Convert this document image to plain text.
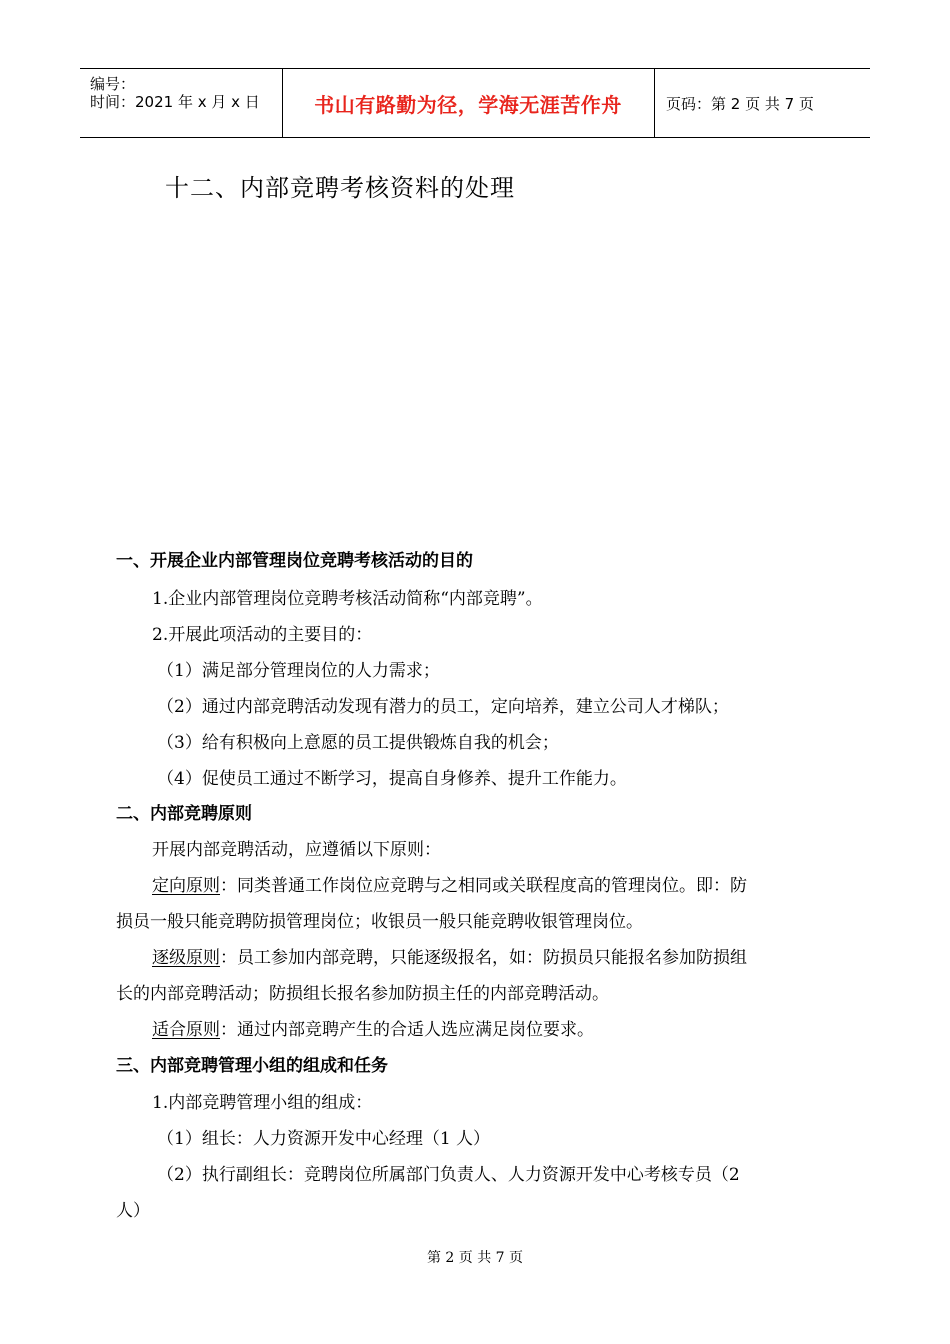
编号：
时间：2021 年 x 月 x 日	书山有路勤为径，学海无涯苦作舟	页码：第 2 页 共 7 页
十二、内部竞聘考核资料的处理
一、开展企业内部管理岗位竞聘考核活动的目的
1.企业内部管理岗位竞聘考核活动简称“内部竞聘”。
2.开展此项活动的主要目的：
（1）满足部分管理岗位的人力需求；
（2）通过内部竞聘活动发现有潜力的员工，定向培养，建立公司人才梯队；
（3）给有积极向上意愿的员工提供锻炼自我的机会；
（4）促使员工通过不断学习，提高自身修养、提升工作能力。
二、内部竞聘原则
开展内部竞聘活动，应遵循以下原则：
定向原则：同类普通工作岗位应竞聘与之相同或关联程度高的管理岗位。即：防
损员一般只能竞聘防损管理岗位；收银员一般只能竞聘收银管理岗位。
逐级原则：员工参加内部竞聘，只能逐级报名，如：防损员只能报名参加防损组
长的内部竞聘活动；防损组长报名参加防损主任的内部竞聘活动。
适合原则：通过内部竞聘产生的合适人选应满足岗位要求。
三、内部竞聘管理小组的组成和任务
1.内部竞聘管理小组的组成：
（1）组长：人力资源开发中心经理（1 人）
（2）执行副组长：竞聘岗位所属部门负责人、人力资源开发中心考核专员（2
人）
第 2 页 共 7 页
